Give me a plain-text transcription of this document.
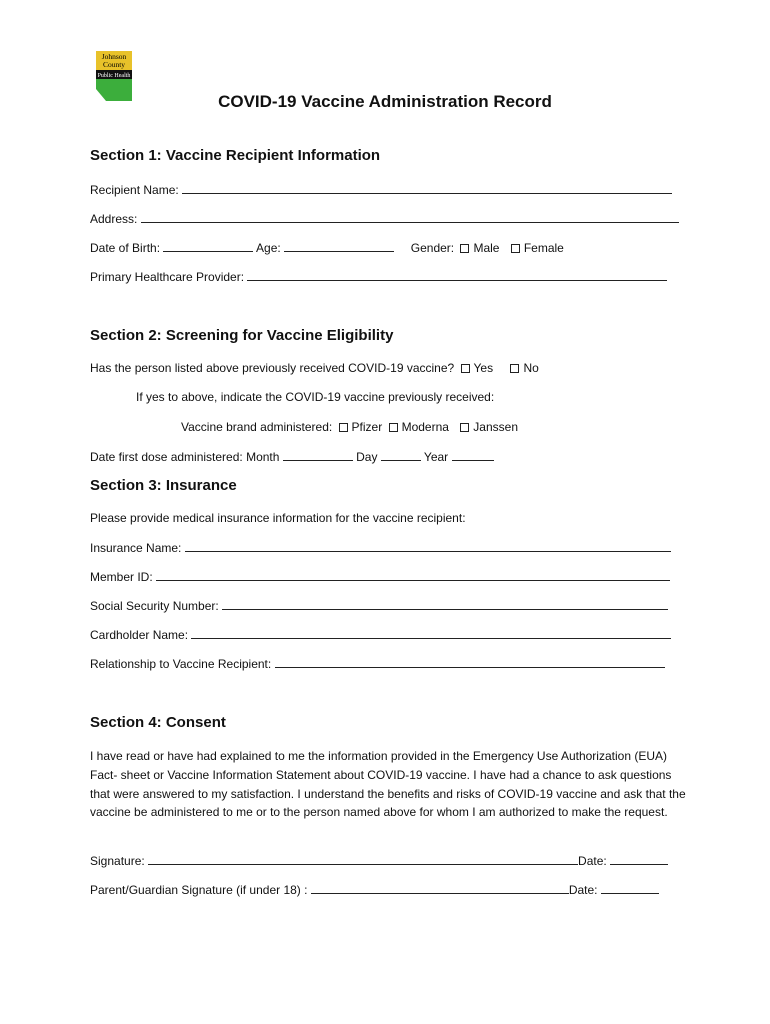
Johnson
County
Public Health
COVID-19 Vaccine Administration Record
Section 1: Vaccine Recipient Information
Recipient Name:
Address:
Date of Birth:	Age:	Gender: Male Female
Primary Healthcare Provider:
Section 2: Screening for Vaccine Eligibility
Has the person listed above previously received COVID-19 vaccine? Yes	No
If yes to above, indicate the COVID-19 vaccine previously received:
Vaccine brand administered: Pfizer Moderna Janssen
Date first dose administered: Month	Day	Year
Section 3: Insurance
Please provide medical insurance information for the vaccine recipient:
Insurance Name:
Member ID:
Social Security Number:
Cardholder Name:
Relationship to Vaccine Recipient:
Section 4: Consent
I have read or have had explained to me the information provided in the Emergency Use Authorization (EUA) Fact- sheet or Vaccine Information Statement about COVID-19 vaccine. I have had a chance to ask questions that were answered to my satisfaction. I understand the benefits and risks of COVID-19 vaccine and ask that the vaccine be administered to me or to the person named above for whom I am authorized to make the request.
Signature:	Date:
Parent/Guardian Signature (if under 18) :	Date:
